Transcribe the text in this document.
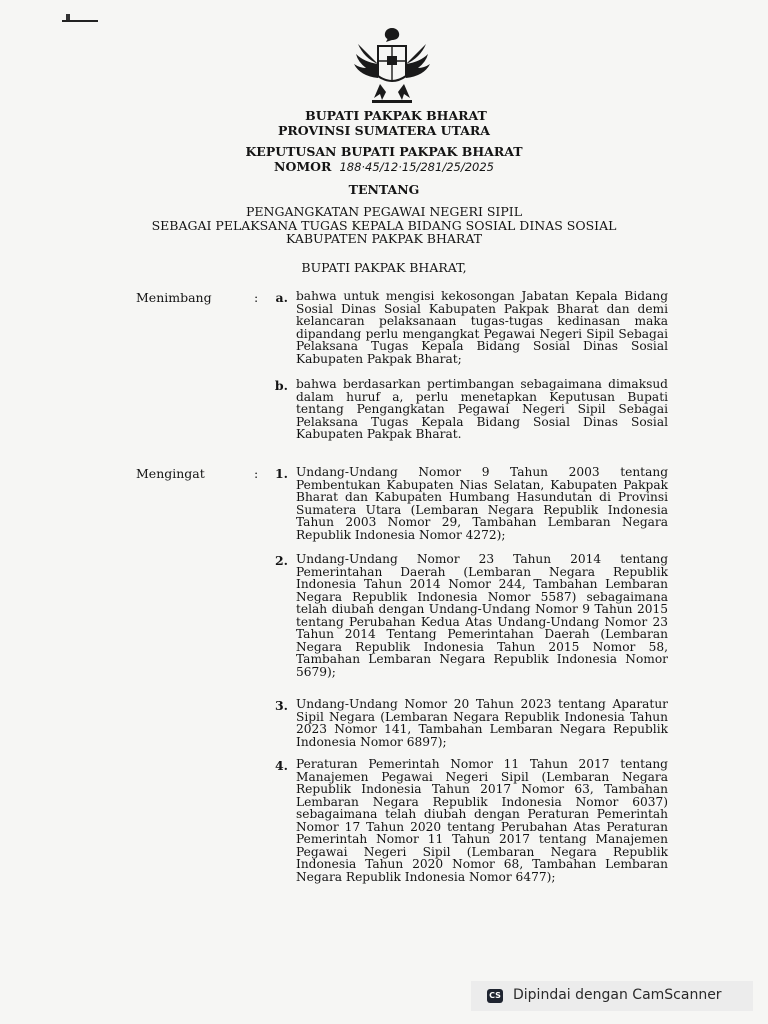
BUPATI PAKPAK BHARAT
PROVINSI SUMATERA UTARA
KEPUTUSAN BUPATI PAKPAK BHARAT
NOMOR 188·45/12·15/281/25/2025
TENTANG
PENGANGKATAN PEGAWAI NEGERI SIPIL
SEBAGAI PELAKSANA TUGAS KEPALA BIDANG SOSIAL DINAS SOSIAL
KABUPATEN PAKPAK BHARAT
BUPATI PAKPAK BHARAT,
Menimbang	:	a. bahwa untuk mengisi kekosongan Jabatan Kepala Bidang Sosial Dinas Sosial Kabupaten Pakpak Bharat dan demi kelancaran pelaksanaan tugas-tugas kedinasan maka dipandang perlu mengangkat Pegawai Negeri Sipil Sebagai Pelaksana Tugas Kepala Bidang Sosial Dinas Sosial Kabupaten Pakpak Bharat;
b. bahwa berdasarkan pertimbangan sebagaimana dimaksud dalam huruf a, perlu menetapkan Keputusan Bupati tentang Pengangkatan Pegawai Negeri Sipil Sebagai Pelaksana Tugas Kepala Bidang Sosial Dinas Sosial Kabupaten Pakpak Bharat.
Mengingat	:	1. Undang-Undang Nomor 9 Tahun 2003 tentang Pembentukan Kabupaten Nias Selatan, Kabupaten Pakpak Bharat dan Kabupaten Humbang Hasundutan di Provinsi Sumatera Utara (Lembaran Negara Republik Indonesia Tahun 2003 Nomor 29, Tambahan Lembaran Negara Republik Indonesia Nomor 4272);
2. Undang-Undang Nomor 23 Tahun 2014 tentang Pemerintahan Daerah (Lembaran Negara Republik Indonesia Tahun 2014 Nomor 244, Tambahan Lembaran Negara Republik Indonesia Nomor 5587) sebagaimana telah diubah dengan Undang-Undang Nomor 9 Tahun 2015 tentang Perubahan Kedua Atas Undang-Undang Nomor 23 Tahun 2014 Tentang Pemerintahan Daerah (Lembaran Negara Republik Indonesia Tahun 2015 Nomor 58, Tambahan Lembaran Negara Republik Indonesia Nomor 5679);
3. Undang-Undang Nomor 20 Tahun 2023 tentang Aparatur Sipil Negara (Lembaran Negara Republik Indonesia Tahun 2023 Nomor 141, Tambahan Lembaran Negara Republik Indonesia Nomor 6897);
4. Peraturan Pemerintah Nomor 11 Tahun 2017 tentang Manajemen Pegawai Negeri Sipil (Lembaran Negara Republik Indonesia Tahun 2017 Nomor 63, Tambahan Lembaran Negara Republik Indonesia Nomor 6037) sebagaimana telah diubah dengan Peraturan Pemerintah Nomor 17 Tahun 2020 tentang Perubahan Atas Peraturan Pemerintah Nomor 11 Tahun 2017 tentang Manajemen Pegawai Negeri Sipil (Lembaran Negara Republik Indonesia Tahun 2020 Nomor 68, Tambahan Lembaran Negara Republik Indonesia Nomor 6477);
CS Dipindai dengan CamScanner
